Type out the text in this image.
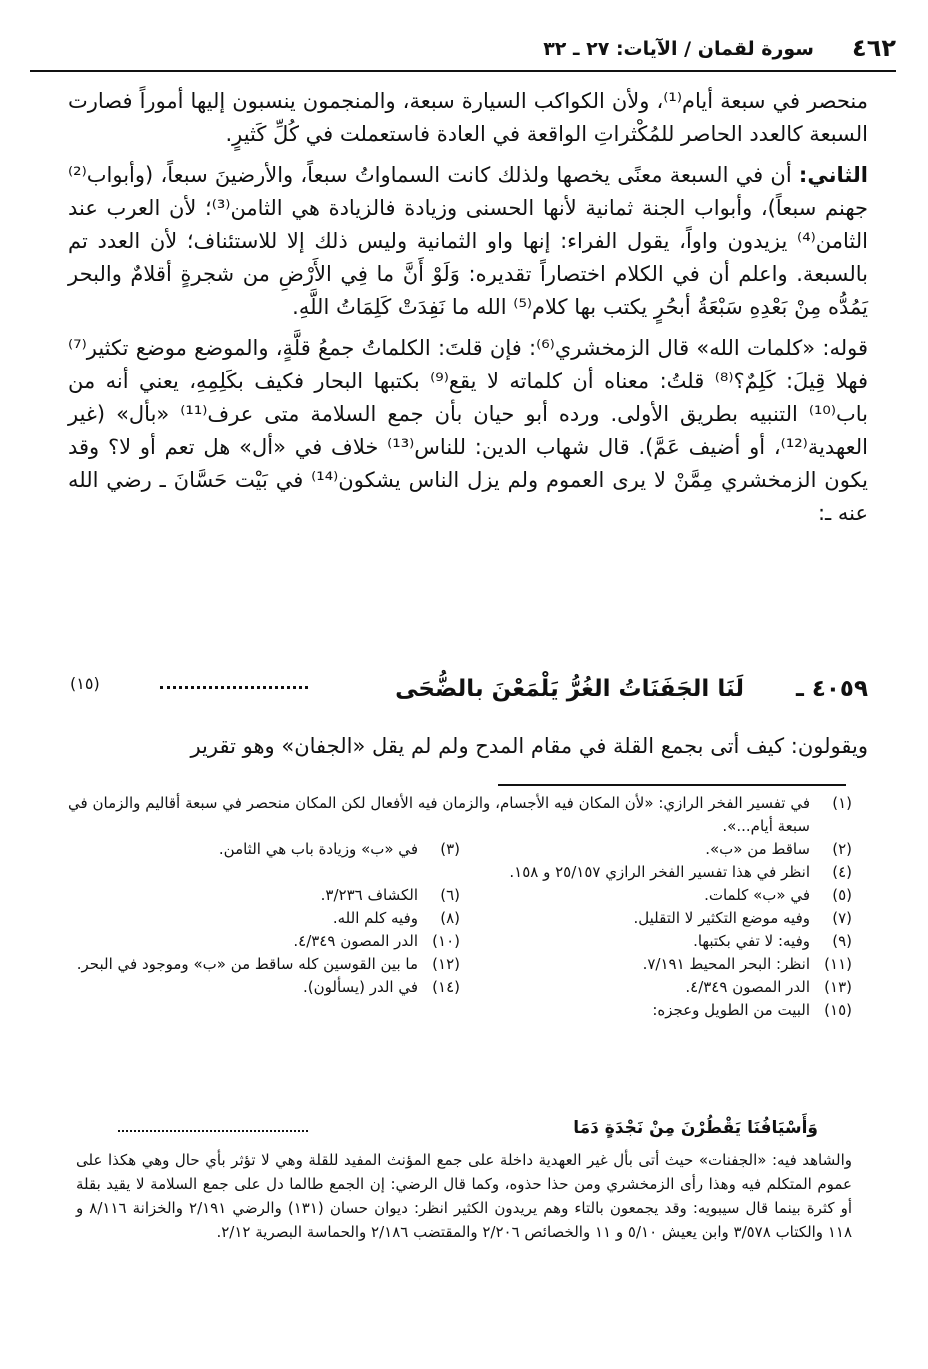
٤٦٢
سورة لقمان / الآيات: ٢٧ ـ ٣٢

منحصر في سبعة أيام⁽¹⁾، ولأن الكواكب السيارة سبعة، والمنجمون ينسبون إليها أموراً فصارت السبعة كالعدد الحاصر للمُكْثراتِ الواقعة في العادة فاستعملت في كُلِّ كَثيرٍ.

الثاني: أن في السبعة معنًى يخصها ولذلك كانت السماواتُ سبعاً، والأرضينَ سبعاً، (وأبواب⁽²⁾ جهنم سبعاً)، وأبواب الجنة ثمانية لأنها الحسنى وزيادة فالزيادة هي الثامن⁽³⁾؛ لأن العرب عند الثامن⁽⁴⁾ يزيدون واواً، يقول الفراء: إنها واو الثمانية وليس ذلك إلا للاستئناف؛ لأن العدد تم بالسبعة. واعلم أن في الكلام اختصاراً تقديره: وَلَوْ أَنَّ ما فِي الأَرْضِ من شجرةٍ أقلامٌ والبحر يَمُدُّه مِنْ بَعْدِهِ سَبْعَةُ أبحُرٍ يكتب بها كلام⁽⁵⁾ الله ما نَفِدَتْ كَلِمَاتُ اللَّهِ.

قوله: «كلمات الله» قال الزمخشري⁽⁶⁾: فإن قلتَ: الكلماتُ جمعُ قلَّةٍ، والموضع موضع تكثير⁽⁷⁾ فهلا قِيلَ: كَلِمٌ؟⁽⁸⁾ قلتُ: معناه أن كلماته لا يقع⁽⁹⁾ بكتبها البحار فكيف بكَلِمِهِ، يعني أنه من باب⁽¹⁰⁾ التنبيه بطريق الأولى. ورده أبو حيان بأن جمع السلامة متى عرف⁽¹¹⁾ «بأل» (غير العهدية⁽¹²⁾، أو أضيف عَمَّ). قال شهاب الدين: للناس⁽¹³⁾ خلاف في «أل» هل تعم أو لا؟ وقد يكون الزمخشري مِمَّنْ لا يرى العموم ولم يزل الناس يشكون⁽¹⁴⁾ في بَيْت حَسَّانَ ـ رضي الله عنه ـ:

٤٠٥٩ ـ
لَنَا الجَفَنَاتُ الغُرُّ يَلْمَعْنَ بالضُّحَى
(١٥)
ويقولون: كيف أتى بجمع القلة في مقام المدح ولم لم يقل «الجفان» وهو تقرير
(١)
في تفسير الفخر الرازي: «لأن المكان فيه الأجسام، والزمان فيه الأفعال لكن المكان منحصر في سبعة أقاليم والزمان في سبعة أيام...».
(٢)
ساقط من «ب».
(٣)
في «ب» وزيادة باب هي الثامن.
(٤)
انظر في هذا تفسير الفخر الرازي ٢٥/١٥٧ و ١٥٨.
(٥)
في «ب» كلمات.
(٦)
الكشاف ٣/٢٣٦.
(٧)
وفيه موضع التكثير لا التقليل.
(٨)
وفيه كلم الله.
(٩)
وفيه: لا تفي بكتبها.
(١٠)
الدر المصون ٤/٣٤٩.
(١١)
انظر: البحر المحيط ٧/١٩١.
(١٢)
ما بين القوسين كله ساقط من «ب» وموجود في البحر.
(١٣)
الدر المصون ٤/٣٤٩.
(١٤)
في الدر (يسألون).
(١٥)
البيت من الطويل وعجزه:
وَأَسْيَافُنَا يَقْطُرْنَ مِنْ نَجْدَةٍ دَمَا
والشاهد فيه: «الجفنات» حيث أتى بأل غير العهدية داخلة على جمع المؤنث المفيد للقلة وهي لا تؤثر بأي حال وهي هكذا على عموم المتكلم فيه وهذا رأى الزمخشري ومن حذا حذوه، وكما قال الرضي: إن الجمع طالما دل على جمع السلامة لا يقيد بقلة أو كثرة بينما قال سيبويه: وقد يجمعون بالتاء وهم يريدون الكثير انظر: ديوان حسان (١٣١) والرضي ٢/١٩١ والخزانة ٨/١١٦ و ١١٨ والكتاب ٣/٥٧٨ وابن يعيش ٥/١٠ و ١١ والخصائص ٢/٢٠٦ والمقتضب ٢/١٨٦ والحماسة البصرية ٢/١٢.
